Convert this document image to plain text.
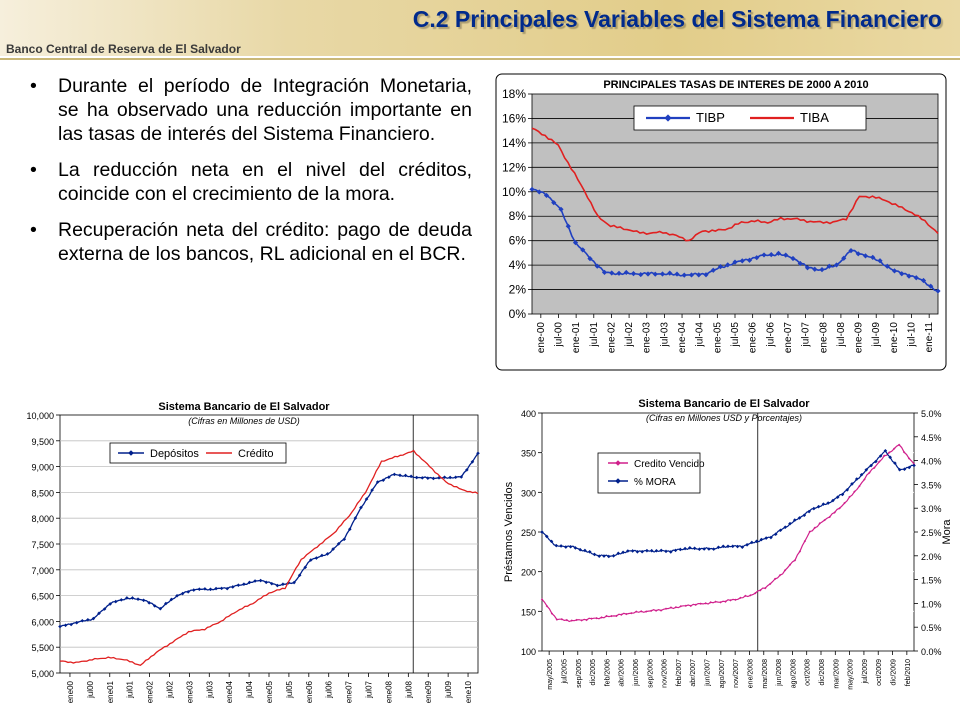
C.2 Principales Variables del Sistema Financiero
Banco Central de Reserva de El Salvador
• Durante el período de Integración Monetaria, se ha observado una reducción importante en las tasas de interés del Sistema Financiero.
• La reducción neta en el nivel del créditos, coincide con el crecimiento de la mora.
• Recuperación neta del crédito: pago de deuda externa de los bancos, RL adicional en el BCR.
0%
2%
4%
6%
8%
10%
12%
14%
16%
18%
ene-00 jul-00 ene-01 jul-01 ene-02 jul-02 ene-03 jul-03 ene-04 jul-04 ene-05 jul-05 ene-06 jul-06 ene-07 jul-07 ene-08 jul-08 ene-09 jul-09 ene-10 jul-10 ene-11
PRINCIPALES TASAS DE INTERES DE 2000 A 2010
TIBP	TIBA
5,000
5,500
6,000
6,500
7,000
7,500
8,000
8,500
9,000
9,500
10,000
ene00 jul00 ene01 jul01 ene02 jul02 ene03 jul03 ene04 jul04 ene05 jul05 ene06 jul06 ene07 jul07 ene08 jul08 ene09 jul09 ene10
Sistema Bancario de El Salvador
(Cifras en Millones de USD)
Depósitos	Crédito
100
150
200
250
300
350
400
0.0%
0.5%
1.0%
1.5%
2.0%
2.5%
3.0%
3.5%
4.0%
4.5%
5.0%
may/2005 jul/2005 sep/2005 dic/2005 feb/2006 abr/2006 jun/2006 sep/2006 nov/2006 feb/2007 abr/2007 jun/2007 ago/2007 nov/2007 ene/2008 mar/2008 jun/2008 ago/2008 oct/2008 dic/2008 mar/2009 may/2009 jul/2009 oct/2009 dic/2009 feb/2010
Sistema Bancario de El Salvador
(Cifras en Millones USD y Porcentajes)
Préstamos Vencidos	Mora
Credito Vencido
% MORA
